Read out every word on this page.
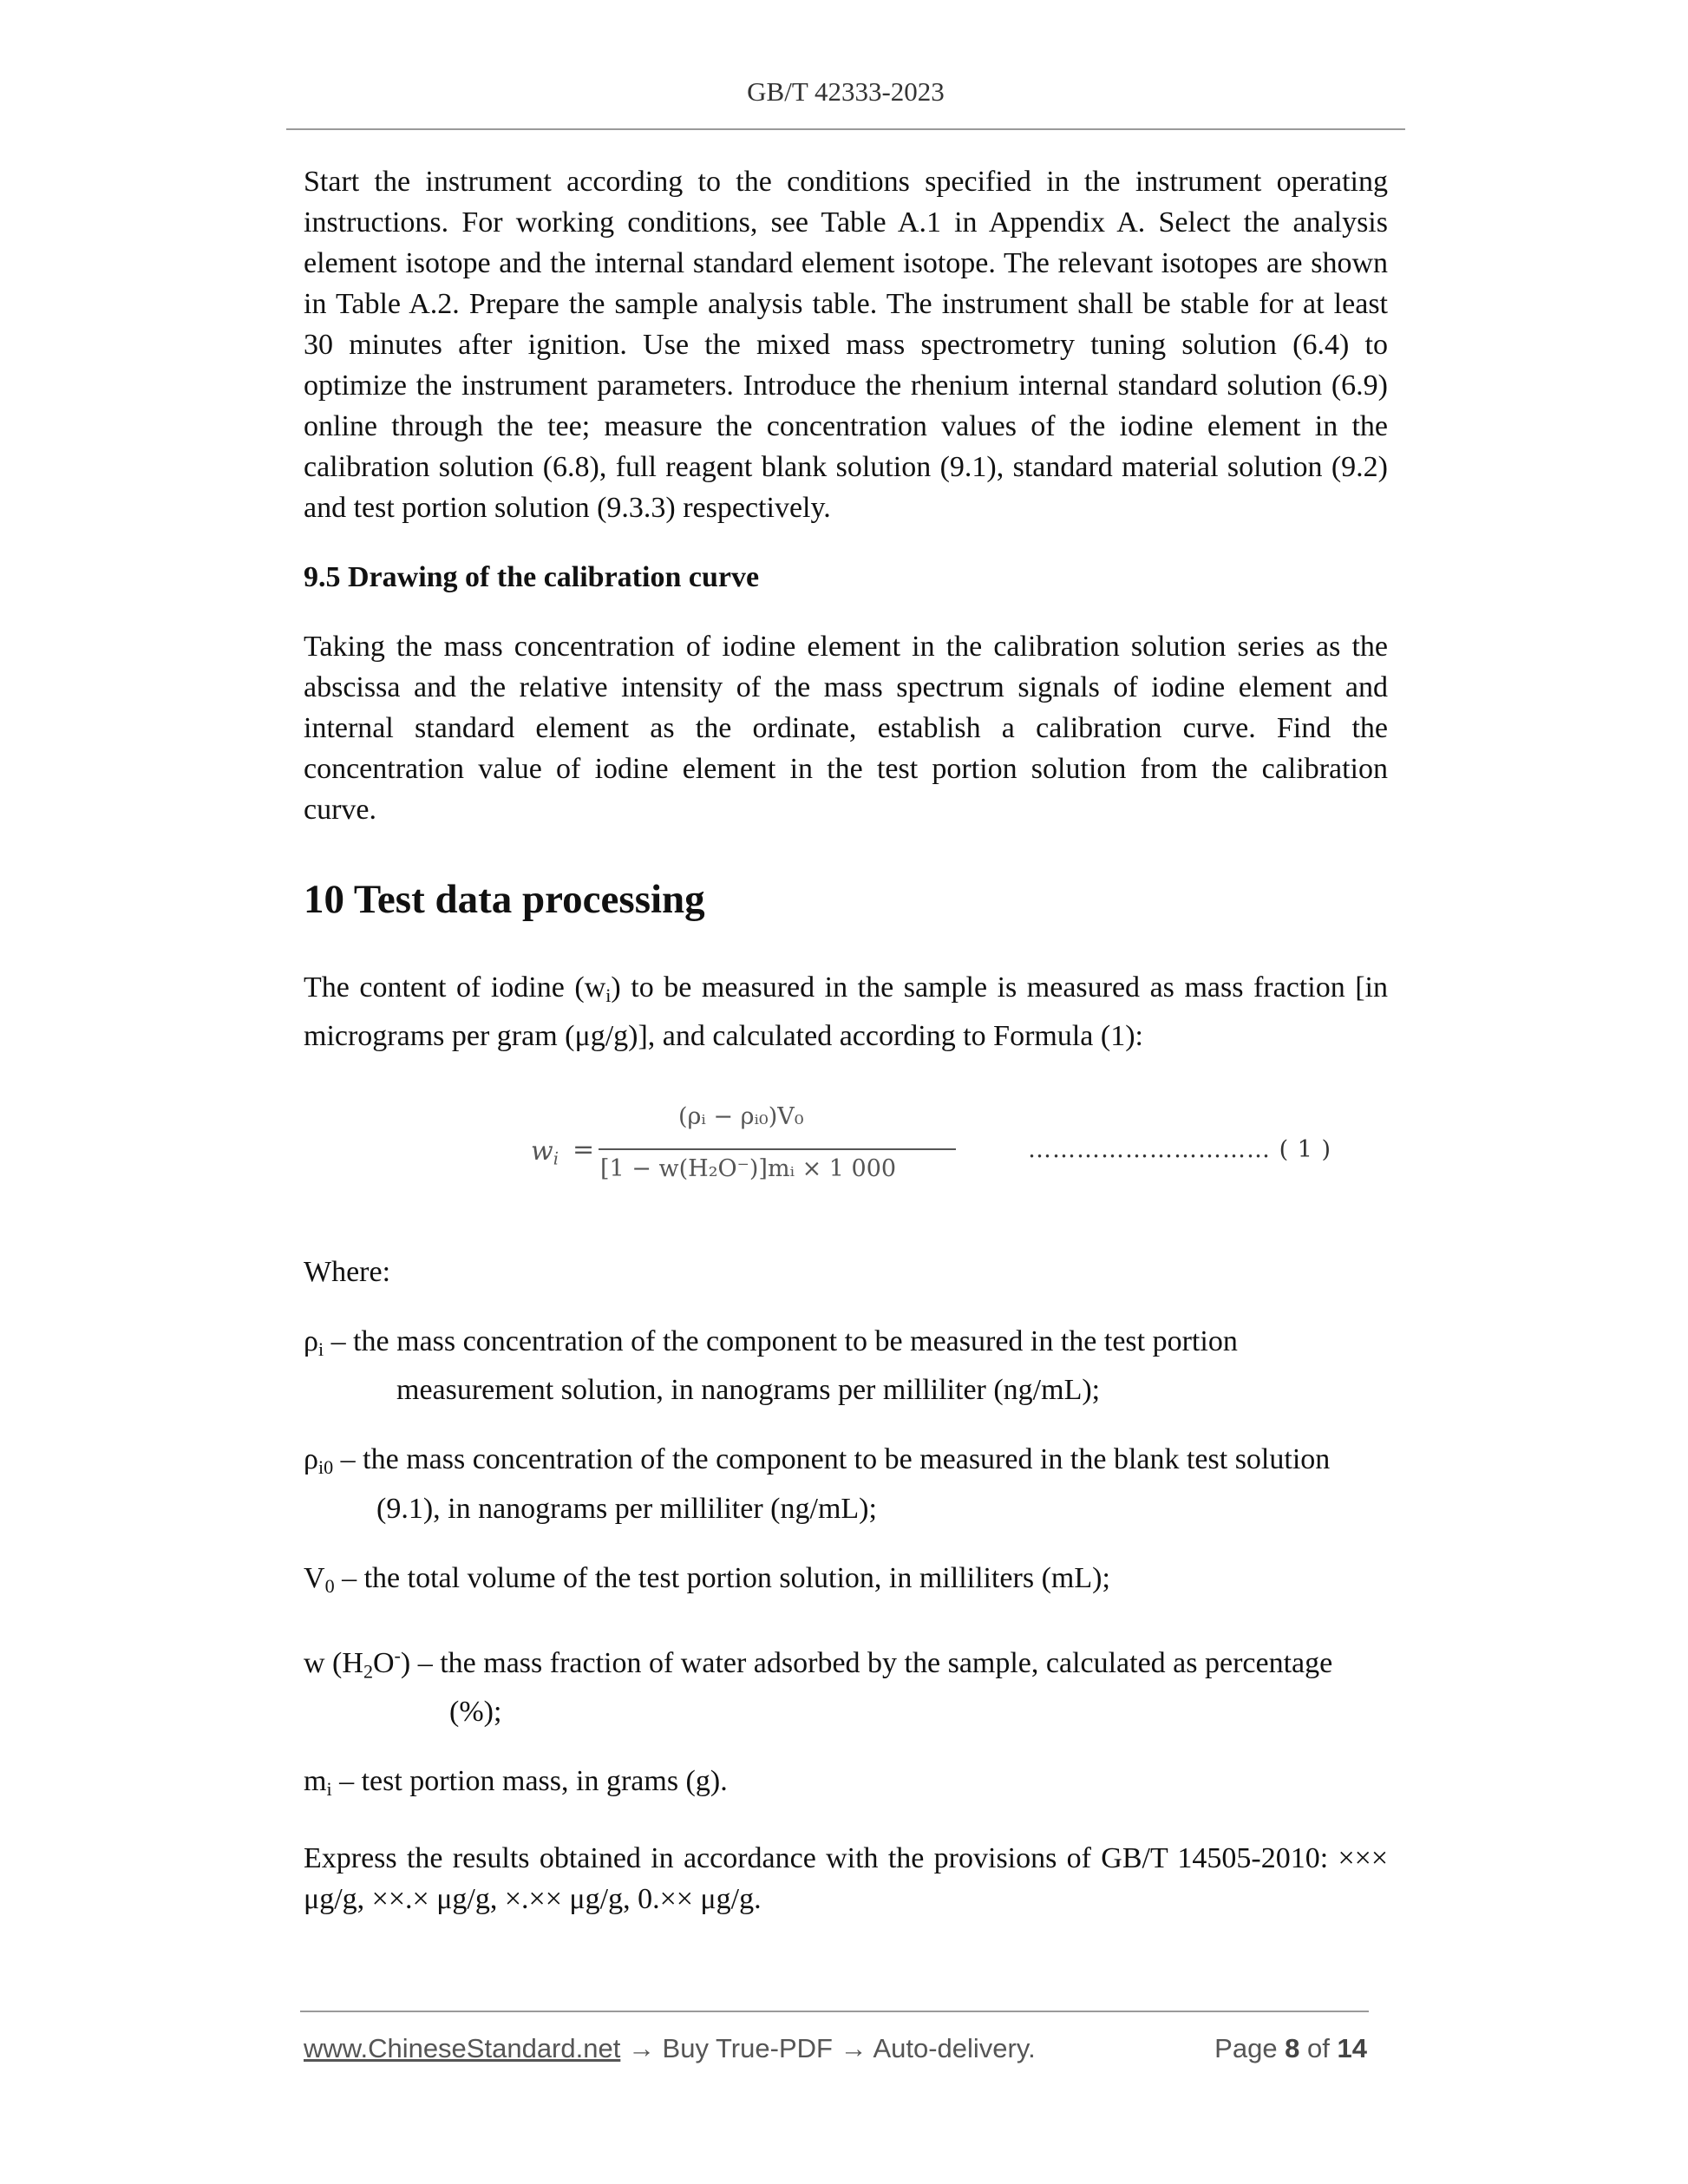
GB/T 42333-2023

Start the instrument according to the conditions specified in the instrument operating instructions. For working conditions, see Table A.1 in Appendix A. Select the analysis element isotope and the internal standard element isotope. The relevant isotopes are shown in Table A.2. Prepare the sample analysis table. The instrument shall be stable for at least 30 minutes after ignition. Use the mixed mass spectrometry tuning solution (6.4) to optimize the instrument parameters. Introduce the rhenium internal standard solution (6.9) online through the tee; measure the concentration values of the iodine element in the calibration solution (6.8), full reagent blank solution (9.1), standard material solution (9.2) and test portion solution (9.3.3) respectively.

9.5 Drawing of the calibration curve

Taking the mass concentration of iodine element in the calibration solution series as the abscissa and the relative intensity of the mass spectrum signals of iodine element and internal standard element as the ordinate, establish a calibration curve. Find the concentration value of iodine element in the test portion solution from the calibration curve.

10 Test data processing

The content of iodine $(w_i)$ to be measured in the sample is measured as mass fraction [in micrograms per gram (μg/g)], and calculated according to Formula (1):

$w_i$ =
(ρᵢ − ρᵢ₀)V₀
[1 − w(H₂O⁻)]mᵢ × 1 000
………………………… ( 1 )

Where:

$\rho_i$ – the mass concentration of the component to be measured in the test portion
measurement solution, in nanograms per milliliter (ng/mL);

$\rho_{i0}$ – the mass concentration of the component to be measured in the blank test solution
(9.1), in nanograms per milliliter (ng/mL);

$V_0$ – the total volume of the test portion solution, in milliliters (mL);

w $(H_2O^-)$ – the mass fraction of water adsorbed by the sample, calculated as percentage
(%);

$m_i$ – test portion mass, in grams (g).

Express the results obtained in accordance with the provisions of GB/T 14505-2010: ××× μg/g, ××.× μg/g, ×.×× μg/g, 0.×× μg/g.

www.ChineseStandard.net → Buy True-PDF → Auto-delivery.	Page 8 of 14
